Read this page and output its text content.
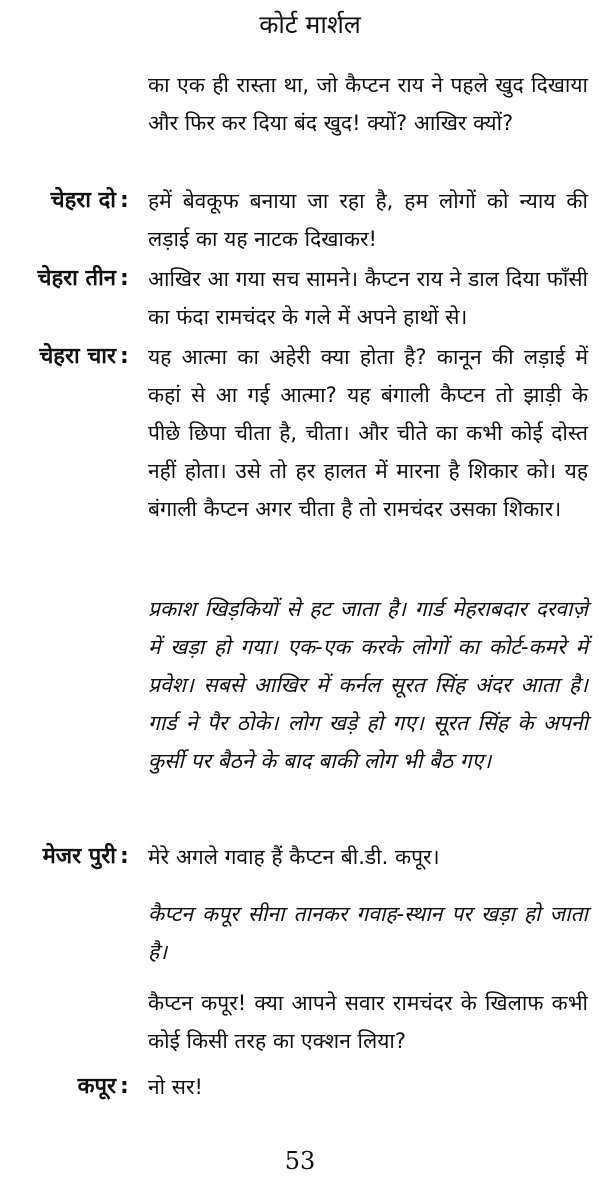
कोर्ट मार्शल
का एक ही रास्ता था, जो कैप्टन राय ने पहले खुद दिखाया और फिर कर दिया बंद खुद! क्यों? आखिर क्यों?
चेहरा दो : हमें बेवकूफ बनाया जा रहा है, हम लोगों को न्याय की लड़ाई का यह नाटक दिखाकर!
चेहरा तीन : आखिर आ गया सच सामने। कैप्टन राय ने डाल दिया फाँसी का फंदा रामचंदर के गले में अपने हाथों से।
चेहरा चार : यह आत्मा का अहेरी क्या होता है? कानून की लड़ाई में कहां से आ गई आत्मा? यह बंगाली कैप्टन तो झाड़ी के पीछे छिपा चीता है, चीता। और चीते का कभी कोई दोस्त नहीं होता। उसे तो हर हालत में मारना है शिकार को। यह बंगाली कैप्टन अगर चीता है तो रामचंदर उसका शिकार।
प्रकाश खिड़कियों से हट जाता है। गार्ड मेहराबदार दरवाज़े में खड़ा हो गया। एक-एक करके लोगों का कोर्ट-कमरे में प्रवेश। सबसे आखिर में कर्नल सूरत सिंह अंदर आता है। गार्ड ने पैर ठोके। लोग खड़े हो गए। सूरत सिंह के अपनी कुर्सी पर बैठने के बाद बाकी लोग भी बैठ गए।
मेजर पुरी : मेरे अगले गवाह हैं कैप्टन बी.डी. कपूर।
कैप्टन कपूर सीना तानकर गवाह-स्थान पर खड़ा हो जाता है।
कैप्टन कपूर! क्या आपने सवार रामचंदर के खिलाफ कभी कोई किसी तरह का एक्शन लिया?
कपूर : नो सर!
53
